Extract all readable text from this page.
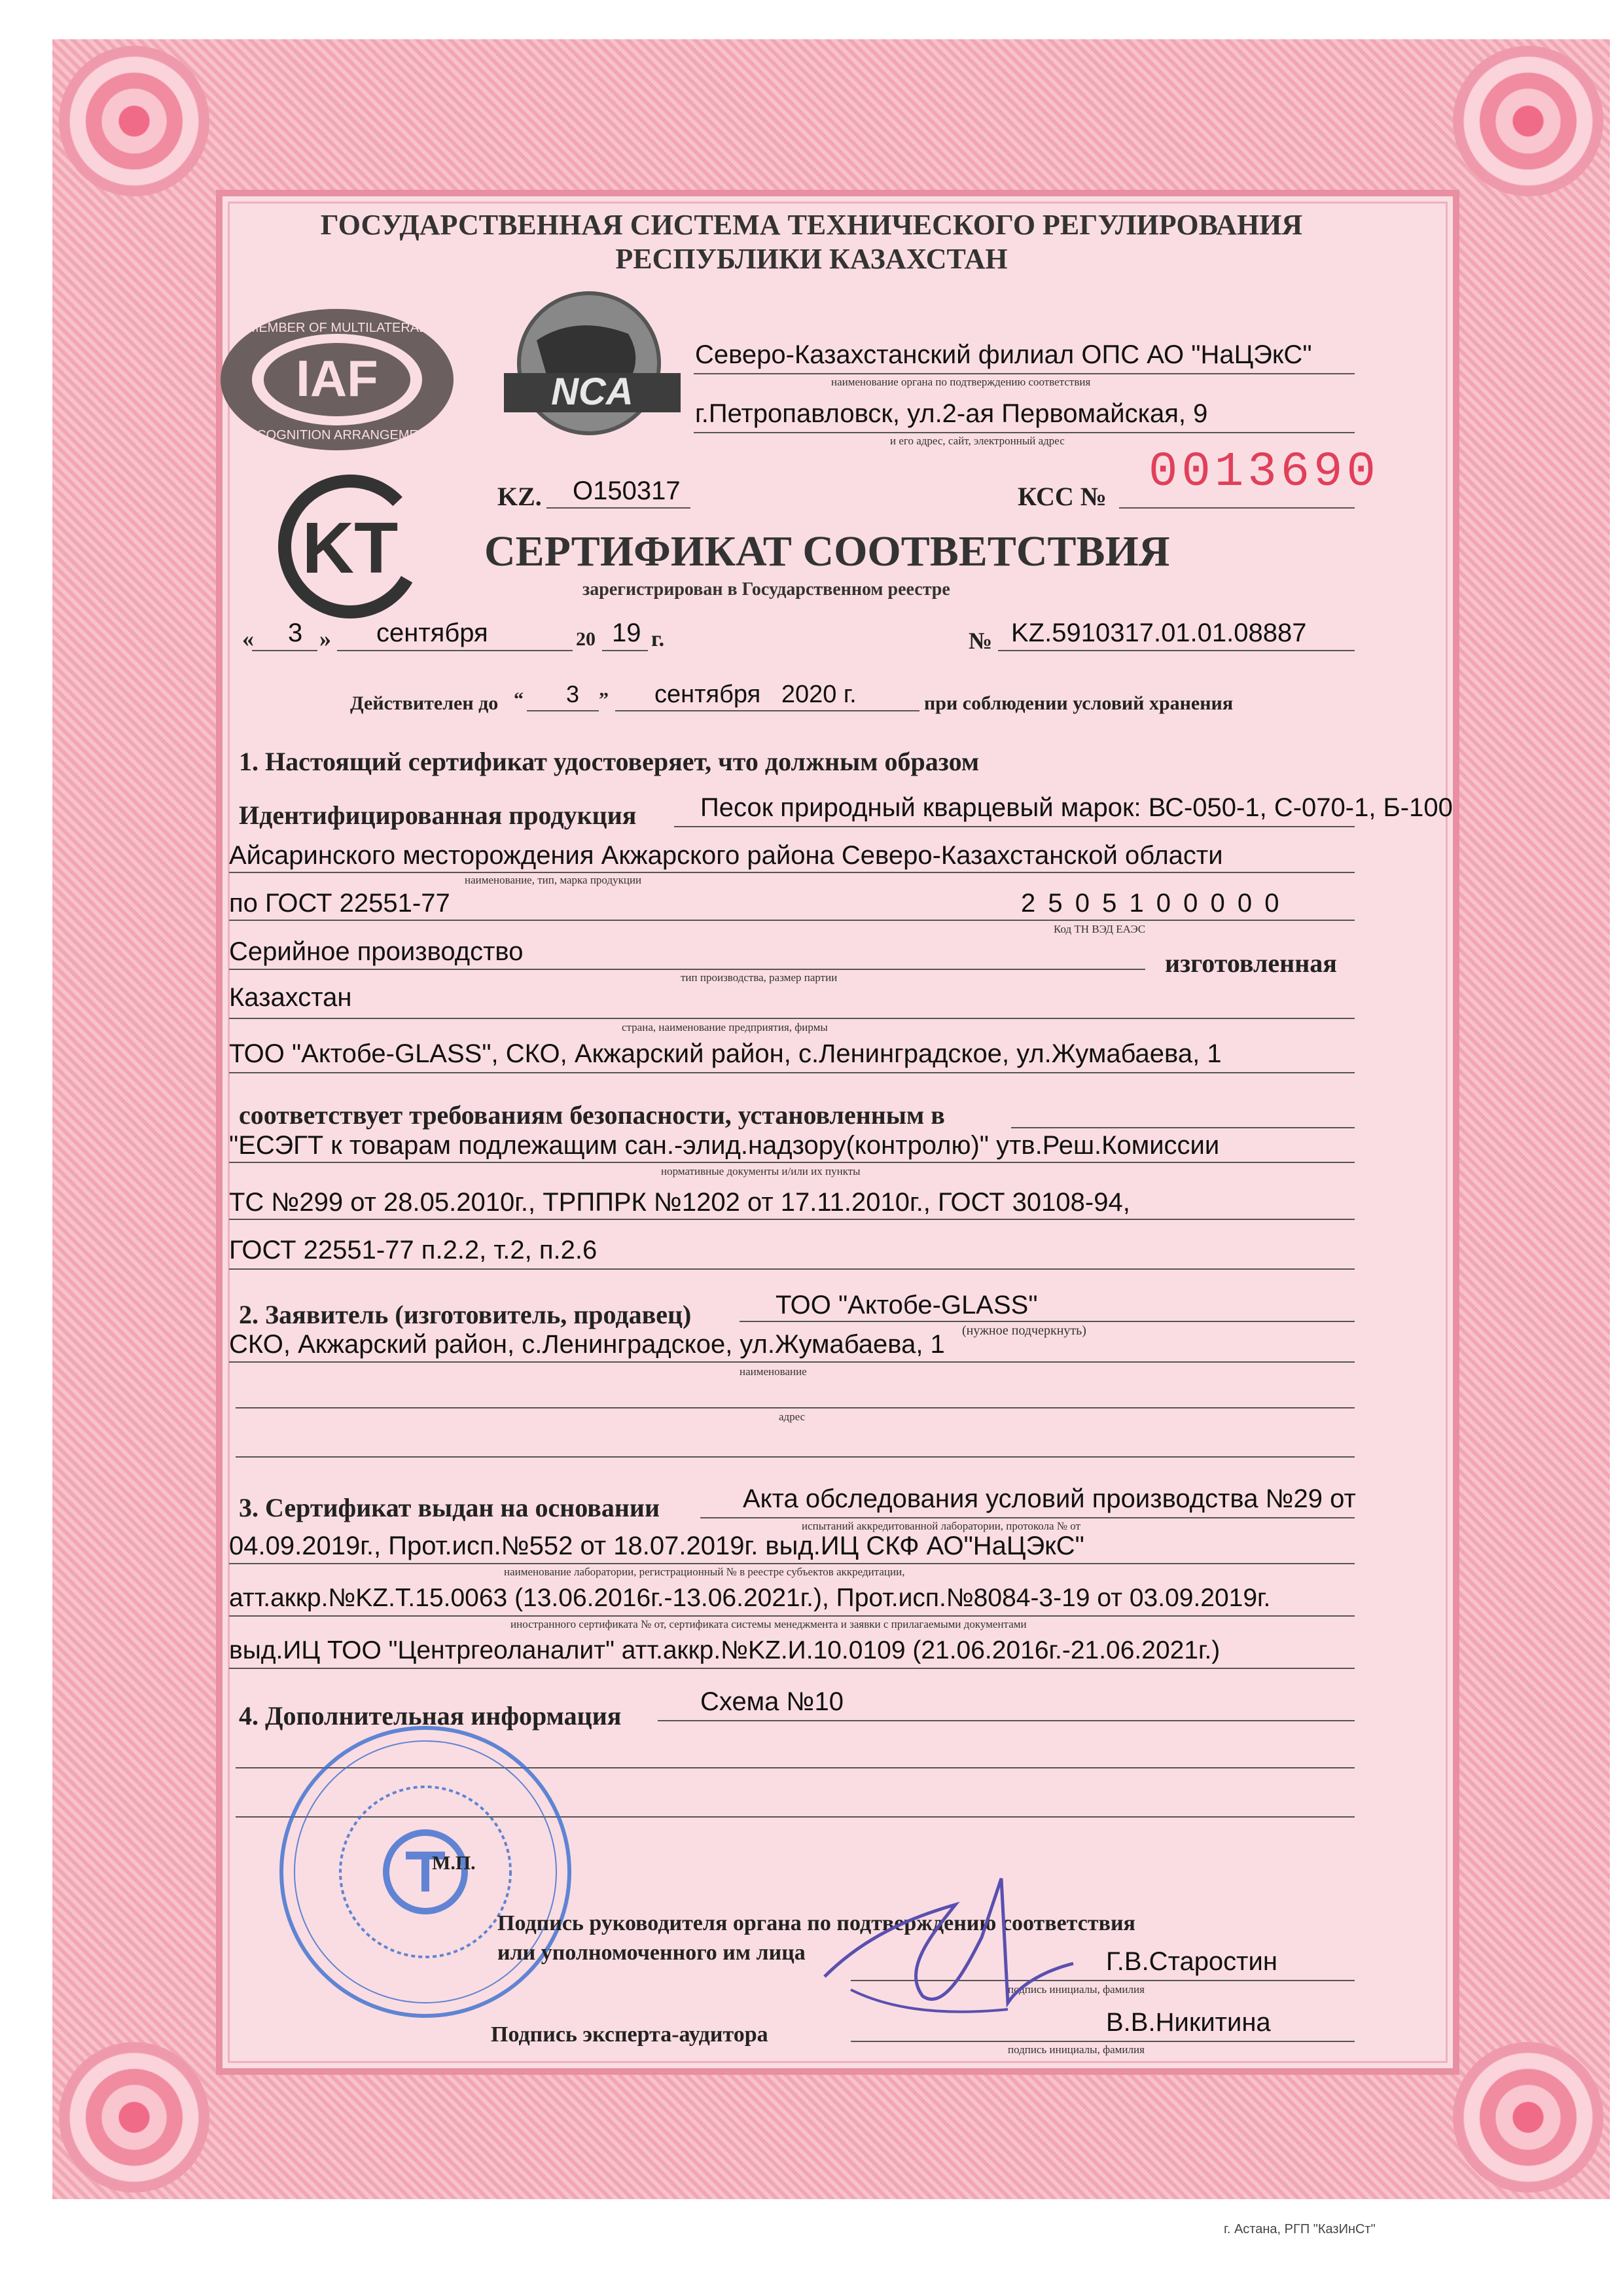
ГОСУДАРСТВЕННАЯ СИСТЕМА ТЕХНИЧЕСКОГО РЕГУЛИРОВАНИЯ
РЕСПУБЛИКИ КАЗАХСТАН
IAF
MEMBER OF MULTILATERAL
RECOGNITION ARRANGEMENT
NCA
Северо-Казахстанский филиал ОПС АО "НаЦЭкС"
наименование органа по подтверждению соответствия
г.Петропавловск, ул.2-ая Первомайская, 9
и его адрес, сайт, электронный адрес
KT
KZ. О150317	КСС № 0013690
СЕРТИФИКАТ СООТВЕТСТВИЯ
зарегистрирован в Государственном реестре
« 3 » сентября	20 19 г.	№ KZ.5910317.01.01.08887
Действителен до “ 3 ” сентября   2020 г.	при соблюдении условий хранения
1. Настоящий сертификат удостоверяет, что должным образом
Идентифицированная продукция Песок природный кварцевый марок: ВС-050-1, С-070-1, Б-100
Айсаринского месторождения Акжарского района Северо-Казахстанской области
наименование, тип, марка продукции
по ГОСТ 22551-77	2 5 0 5 1 0 0 0 0 0
Код ТН ВЭД ЕАЭС
Серийное производство	изготовленная
тип производства, размер партии
Казахстан
страна, наименование предприятия, фирмы
ТОО "Актобе-GLASS", СКО, Акжарский район, с.Ленинградское, ул.Жумабаева, 1
соответствует требованиям безопасности, установленным в
"ЕСЭГТ к товарам подлежащим сан.-элид.надзору(контролю)" утв.Реш.Комиссии
нормативные документы и/или их пункты
ТС №299 от 28.05.2010г., ТРППРК №1202 от 17.11.2010г., ГОСТ 30108-94,
ГОСТ 22551-77 п.2.2, т.2, п.2.6
2. Заявитель (изготовитель, продавец)	ТОО "Актобе-GLASS"
(нужное подчеркнуть)
СКО, Акжарский район, с.Ленинградское, ул.Жумабаева, 1
наименование
адрес
3. Сертификат выдан на основании	Акта обследования условий производства №29 от
испытаний аккредитованной лаборатории, протокола № от
04.09.2019г., Прот.исп.№552 от 18.07.2019г. выд.ИЦ СКФ АО"НаЦЭкС"
наименование лаборатории, регистрационный № в реестре субъектов аккредитации,
атт.аккр.№KZ.T.15.0063 (13.06.2016г.-13.06.2021г.), Прот.исп.№8084-3-19 от 03.09.2019г.
иностранного сертификата № от, сертификата системы менеджмента и заявки с прилагаемыми документами
выд.ИЦ ТОО "Центргеоланалит" атт.аккр.№KZ.И.10.0109 (21.06.2016г.-21.06.2021г.)
4. Дополнительная информация	Схема №10
М.П.
Подпись руководителя органа по подтверждению соответствия
или уполномоченного им лица	Г.В.Старостин
подпись инициалы, фамилия
Подпись эксперта-аудитора	В.В.Никитина
подпись инициалы, фамилия
г. Астана, РГП "КазИнСт"
